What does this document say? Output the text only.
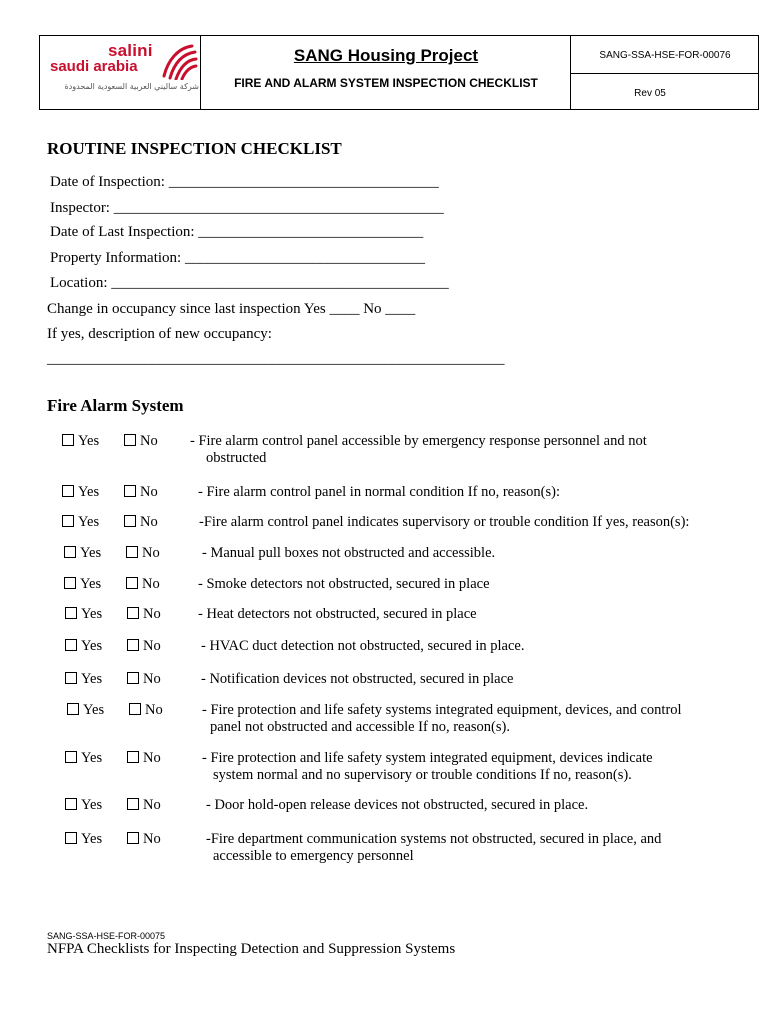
salini
saudi arabia
شركة ساليني العربية السعودية المحدودة
SANG Housing Project
FIRE AND ALARM SYSTEM INSPECTION CHECKLIST
SANG-SSA-HSE-FOR-00076
Rev 05
ROUTINE INSPECTION CHECKLIST
Date of Inspection: ____________________________________
Inspector: ____________________________________________
Date of Last Inspection: ______________________________
Property Information: ________________________________
Location: _____________________________________________
Change in occupancy since last inspection Yes ____ No ____
If yes, description of new occupancy:
_____________________________________________________________
Fire Alarm System
Yes	No - Fire alarm control panel accessible by emergency response personnel and not
obstructed
Yes	No	- Fire alarm control panel in normal condition If no, reason(s):
Yes	No	-Fire alarm control panel indicates supervisory or trouble condition If yes, reason(s):
Yes	No	- Manual pull boxes not obstructed and accessible.
Yes	No	- Smoke detectors not obstructed, secured in place
Yes	No	- Heat detectors not obstructed, secured in place
Yes	No	- HVAC duct detection not obstructed, secured in place.
Yes	No	- Notification devices not obstructed, secured in place
Yes	No	- Fire protection and life safety systems integrated equipment, devices, and control
panel not obstructed and accessible If no, reason(s).
Yes	No	- Fire protection and life safety system integrated equipment, devices indicate
system normal and no supervisory or trouble conditions If no, reason(s).
Yes	No	- Door hold-open release devices not obstructed, secured in place.
Yes	No	-Fire department communication systems not obstructed, secured in place, and
accessible to emergency personnel
SANG-SSA-HSE-FOR-00075
NFPA Checklists for Inspecting Detection and Suppression Systems
